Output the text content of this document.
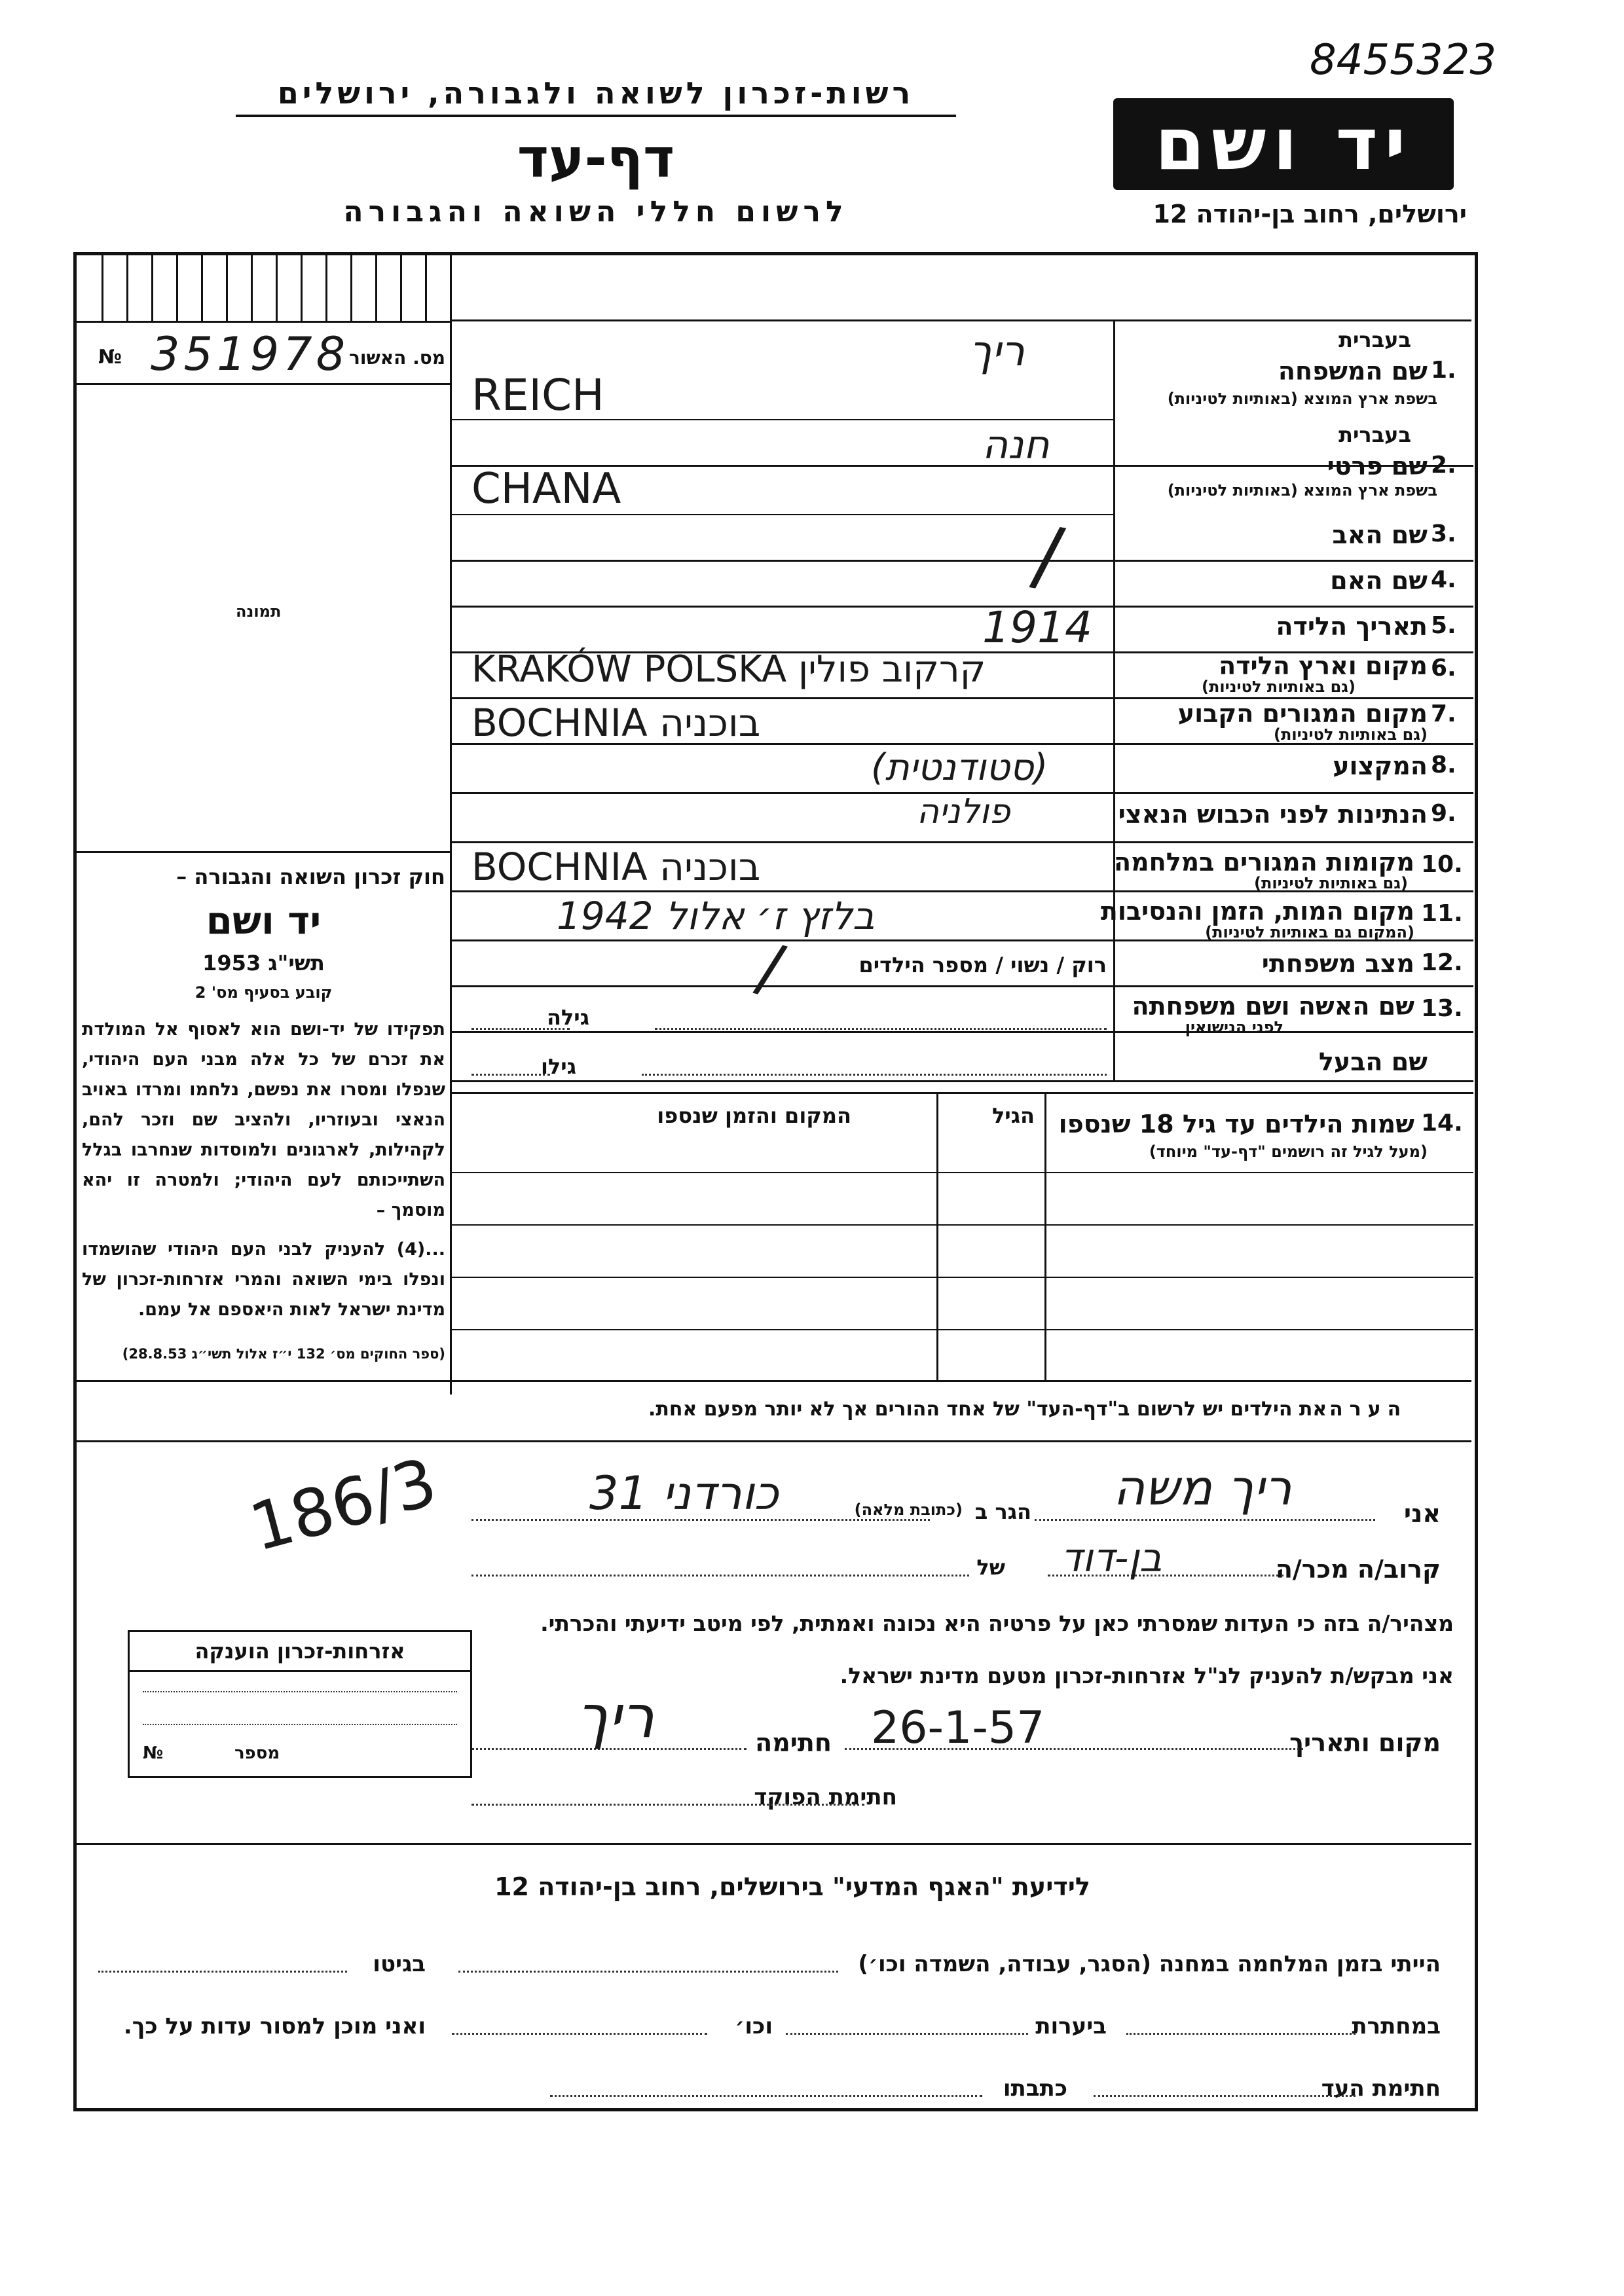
8455323
רשות-זכרון לשואה ולגבורה, ירושלים
דף-עד
לרשום חללי השואה והגבורה
יד ושם
ירושלים, רחוב בן-יהודה 12
№ 351978 מס. האשור
תמונה
חוק זכרון השואה והגבורה –
יד ושם
תשי"ג 1953
קובע בסעיף מס' 2
תפקידו של יד-ושם הוא לאסוף אל המולדת את זכרם של כל אלה מבני העם היהודי, שנפלו ומסרו את נפשם, נלחמו ומרדו באויב הנאצי ובעוזריו, ולהציב שם וזכר להם, לקהילות, לארגונים ולמוסדות שנחרבו בגלל השתייכותם לעם היהודי; ולמטרה זו יהא מוסמך –
...(4) להעניק לבני העם היהודי שהושמדו ונפלו בימי השואה והמרי אזרחות-זכרון של מדינת ישראל לאות היאספם אל עמם.
(ספר החוקים מס׳ 132 י״ז אלול תשי״ג 28.8.53)
בעברית
1.
שם המשפחה
בשפת ארץ המוצא (באותיות לטיניות)
ריך
REICH
בעברית
2.
שם פרטי
בשפת ארץ המוצא (באותיות לטיניות)
חנה
CHANA
3.
שם האב
/	4.
שם האם
5.
תאריך הלידה
1914
6.
מקום וארץ הלידה
(גם באותיות לטיניות)
KRAKÓW POLSKA קרקוב פולין
7.
מקום המגורים הקבוע
(גם באותיות לטיניות)
BOCHNIA בוכניה
8.
המקצוע
(סטודנטית)
9.
הנתינות לפני הכבוש הנאצי
פולניה
10.
מקומות המגורים במלחמה
(גם באותיות לטיניות)
BOCHNIA בוכניה
11.
מקום המות, הזמן והנסיבות
(המקום גם באותיות לטיניות)
בלזץ ז׳ אלול 1942
12.
מצב משפחתי
רוק / נשוי / מספר הילדים
/
13.
שם האשה ושם משפחתה
לפני הנישואין
גילה
שם הבעל
גילו
14.
שמות הילדים עד גיל 18 שנספו
(מעל לגיל זה רושמים "דף-עד" מיוחד)
הגיל
המקום והזמן שנספו
את הילדים יש לרשום ב"דף-העד" של אחד ההורים אך לא יותר מפעם אחת. הערה
186/3	אני
ריך משה
הגר ב
(כתובת מלאה)
כורדני 31
קרוב/ה מכר/ה
בן-דוד
של
מצהיר/ה בזה כי העדות שמסרתי כאן על פרטיה היא נכונה ואמתית, לפי מיטב ידיעתי והכרתי.
אני מבקש/ת להעניק לנ"ל אזרחות-זכרון מטעם מדינת ישראל.
מקום ותאריך
26-1-57
חתימה
ריך
חתימת הפוקד
אזרחות-זכרון הוענקה
מספר
№
לידיעת "האגף המדעי" בירושלים, רחוב בן-יהודה 12
הייתי בזמן המלחמה במחנה (הסגר, עבודה, השמדה וכו׳)
בגיטו
במחתרת
ביערות
וכו׳
ואני מוכן למסור עדות על כך.
חתימת העד
כתבתו
